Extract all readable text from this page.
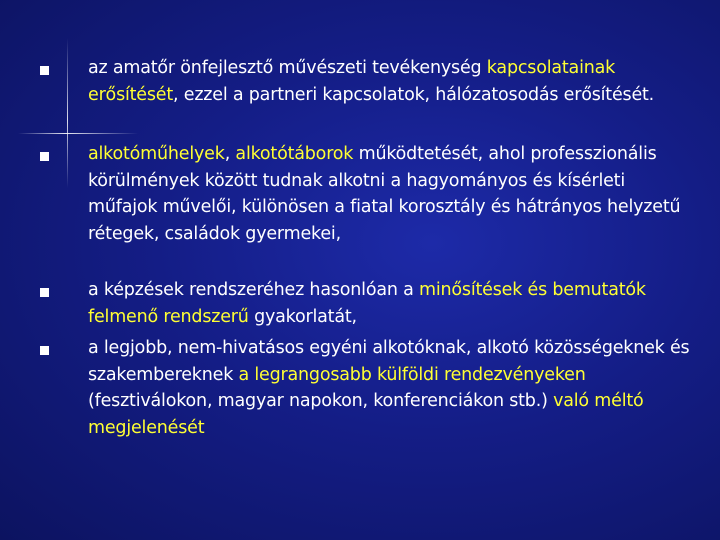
az amatőr önfejlesztő művészeti tevékenység kapcsolatainak erősítését, ezzel a partneri kapcsolatok, hálózatosodás erősítését.
alkotóműhelyek, alkotótáborok működtetését, ahol professzionális körülmények között tudnak alkotni a hagyományos és kísérleti műfajok művelői, különösen a fiatal korosztály és hátrányos helyzetű rétegek, családok gyermekei,
a képzések rendszeréhez hasonlóan a minősítések és bemutatók felmenő rendszerű gyakorlatát,
a legjobb, nem-hivatásos egyéni alkotóknak, alkotó közösségeknek és szakembereknek a legrangosabb külföldi rendezvényeken (fesztiválokon, magyar napokon, konferenciákon stb.) való méltó megjelenését
